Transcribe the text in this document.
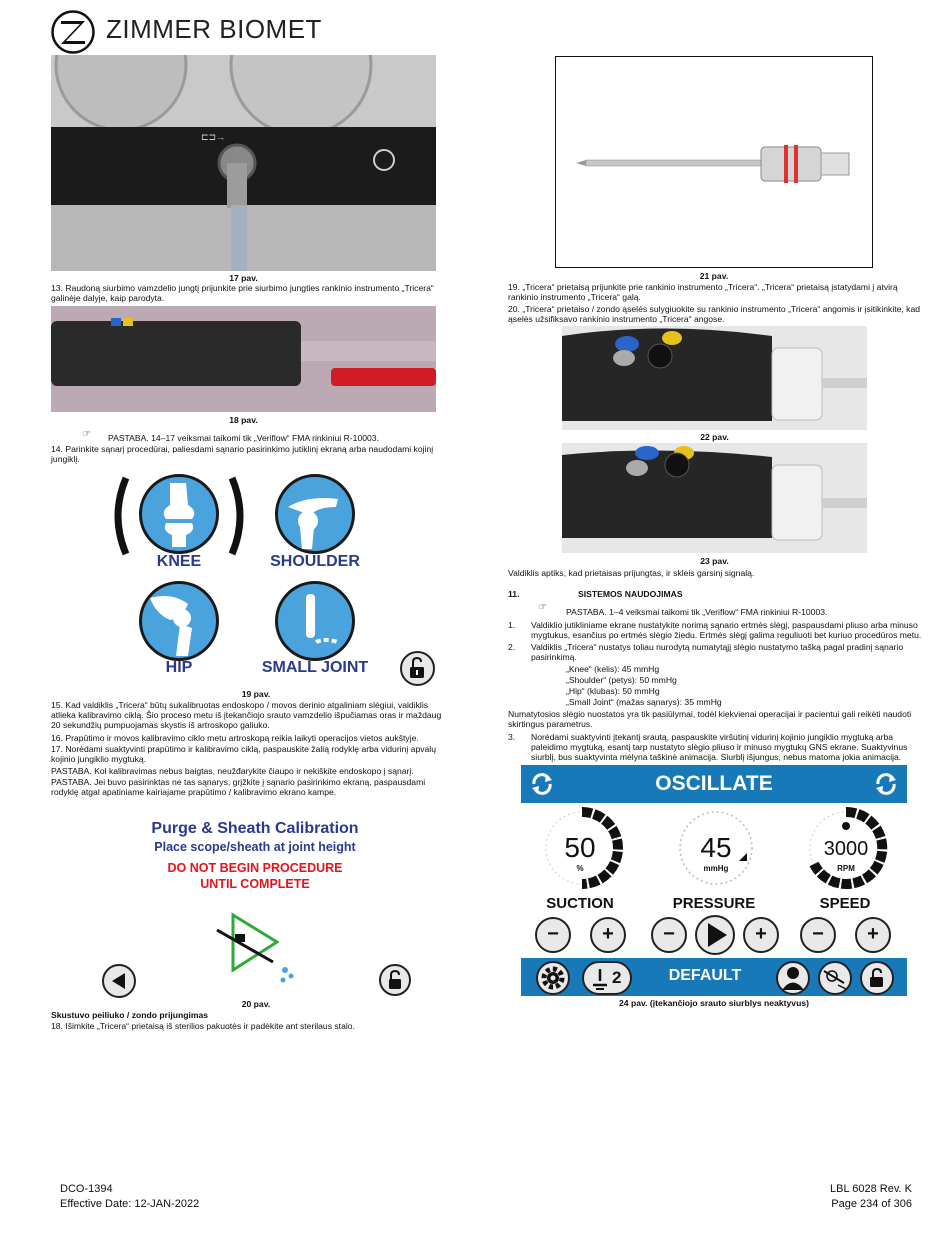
ZIMMER BIOMET
⊏⊐→
17 pav.
13. Raudoną siurbimo vamzdelio jungtį prijunkite prie siurbimo jungties rankinio instrumento „Tricera“ galinėje dalyje, kaip parodyta.
18 pav.
☞ PASTABA. 14–17 veiksmai taikomi tik „Veriflow“ FMA rinkiniui R-10003.
14. Parinkite sąnarį procedūrai, paliesdami sąnario pasirinkimo jutiklinį ekraną arba naudodami kojinį jungiklį.
KNEE	SHOULDER
HIP	SMALL JOINT
19 pav.
15. Kad valdiklis „Tricera“ būtų sukalibruotas endoskopo / movos derinio atgaliniam slėgiui, valdiklis atlieka kalibravimo ciklą. Šio proceso metu iš įtekančiojo srauto vamzdelio išpučiamas oras ir maždaug 20 sekundžių pumpuojamas skystis iš artroskopo galiuko.
16. Prapūtimo ir movos kalibravimo ciklo metu artroskopą reikia laikyti operacijos vietos aukštyje.
17. Norėdami suaktyvinti prapūtimo ir kalibravimo ciklą, paspauskite žalią rodyklę arba vidurinį apvalų kojinio jungiklio mygtuką.
PASTABA. Kol kalibravimas nebus baigtas, neužđarykite čiaupo ir nekiškite endoskopo į sąnarį.
PASTABA. Jei buvo pasirinktas ne tas sąnarys, grįžkite į sąnario pasirinkimo ekraną, paspausdami rodyklę atgal apatiniame kairiajame prapūtimo / kalibravimo ekrano kampe.
Purge & Sheath Calibration
Place scope/sheath at joint height
DO NOT BEGIN PROCEDURE
UNTIL COMPLETE
20 pav.
Skustuvo peiliuko / zondo prijungimas
18. Išimkite „Tricera“ prietaisą iš sterilios pakuotės ir padėkite ant sterilaus stalo.
21 pav.
19. „Tricera“ prietaisą prijunkite prie rankinio instrumento „Tricera“. „Tricera“ prietaisą įstatydami į atvirą rankinio instrumento „Tricera“ galą.
20. „Tricera“ prietaiso / zondo ąselės sulygiuokite su rankinio instrumento „Tricera“ angomis ir įsitikinkite, kad ąselės užsifiksavo rankinio instrumento „Tricera“ angose.
22 pav.
23 pav.
Valdiklis aptiks, kad prietaisas prijungtas, ir skleis garsinį signalą.
11.	SISTEMOS NAUDOJIMAS
☞ PASTABA. 1–4 veiksmai taikomi tik „Veriflow“ FMA rinkiniui R-10003.
1. Valdiklio jutikliniame ekrane nustatykite norimą sąnario ertmės slėgį, paspausdami pliuso arba minuso mygtukus, esančius po ertmės slėgio žiedu. Ertmės slėgį galima reguliuoti bet kuriuo procedūros metu.
2. Valdiklis „Tricera“ nustatys toliau nurodytą numatytąjį slėgio nustatymo tašką pagal pradinį sąnario pasirinkimą.
„Knee“ (kelis): 45 mmHg
„Shoulder“ (petys): 50 mmHg
„Hip“ (klubas): 50 mmHg
„Small Joint“ (mažas sąnarys): 35 mmHg
Numatytosios slėgio nuostatos yra tik pasiūlymai, todėl kiekvienai operacijai ir pacientui gali reikėti naudoti skirtingus parametrus.
3. Norėdami suaktyvinti įtekantį srautą, paspauskite viršutinį vidurinį kojinio jungiklio mygtuką arba paleidimo mygtuką, esantį tarp nustatyto slėgio pliuso ir minuso mygtukų GNS ekrane. Suaktyvinus siurblį, bus suaktyvinta mėlyna taškinė animacija. Siurblį išjungus, nebus matoma jokia animacija.
OSCILLATE
50
%
45
mmHg
3000
RPM
SUCTION	PRESSURE	SPEED
−	+	−	+	−	+
2	DEFAULT
24 pav. (įtekančiojo srauto siurblys neaktyvus)
DCO-1394
Effective Date: 12-JAN-2022
LBL 6028 Rev. K
Page 234 of 306
